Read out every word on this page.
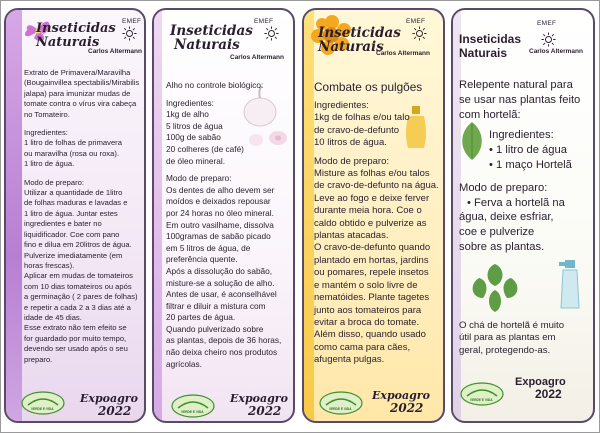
Inseticidas
Naturais
EMEF
Carlos Altermann

Extrato de Primavera/Maravilha

(Bougainvillea spectabilis/Mirabilis

jalapa) para imunizar mudas de

tomate contra o vírus vira cabeça

no Tomateiro.

Ingredientes:

1 litro de folhas de primavera

ou maravilha (rosa ou roxa).

1 litro de água.

Modo de preparo:

Utilizar a quantidade de 1litro

de folhas maduras e lavadas e

1 litro de água. Juntar estes

ingredientes e bater no

liquidificador. Coe com pano

fino e dilua em 20litros de água.

Pulverize imediatamente (em

horas frescas).

Aplicar em mudas de tomateiros

com 10 dias tomateiros ou após

a germinação ( 2 pares de folhas)

e repetir a cada 2 a 3 dias até a

idade de 45 dias.

Esse extrato não tem efeito se

for guardado por muito tempo,

devendo ser usado após o seu

preparo.

VERDE E VIDA
Expoagro
2022
Inseticidas
Naturais
EMEF
Carlos Altermann

Alho no controle biológico:

Ingredientes:

1kg de alho

5 litros de água

100g de sabão

20 colheres (de café)

de óleo mineral.

Modo de preparo:

Os dentes de alho devem ser

moídos e deixados repousar

por 24 horas no óleo mineral.

Em outro vasilhame, dissolva

100gramas de sabão picado

em 5 litros de água, de

preferência quente.

Após a dissolução do sabão,

misture-se a solução de alho.

Antes de usar, é aconselhável

filtrar e diluir a mistura com

20 partes de água.

Quando pulverizado sobre

as plantas, depois de 36 horas,

não deixa cheiro nos produtos

agrícolas.

VERDE E VIDA
Expoagro
2022
Inseticidas
Naturais
EMEF
Carlos Altermann

Combate os pulgões

Ingredientes:

1kg de folhas e/ou talo

de cravo-de-defunto

10 litros de água.

Modo de preparo:

Misture as folhas e/ou talos

de cravo-de-defunto na água.

Leve ao fogo e deixe ferver

durante meia hora. Coe o

caldo obtido e pulverize as

plantas atacadas.

O cravo-de-defunto quando

plantado em hortas, jardins

ou pomares, repele insetos

e mantém o solo livre de

nematóides. Plante tagetes

junto aos tomateiros para

evitar a broca do tomate.

Além disso, quando usado

como cama para cães,

afugenta pulgas.

VERDE E VIDA
Expoagro
2022
Inseticidas
Naturais
EMEF
Carlos Altermann

Relepente natural para

se usar nas plantas feito

com hortelã:

Ingredientes:

• 1 litro de água

• 1 maço Hortelã

Modo de preparo:

• Ferva a hortelã na

água, deixe esfriar,

coe e pulverize

sobre as plantas.

O chá de hortelã é muito

útil para as plantas em

geral, protegendo-as.

VERDE E VIDA
Expoagro
2022
